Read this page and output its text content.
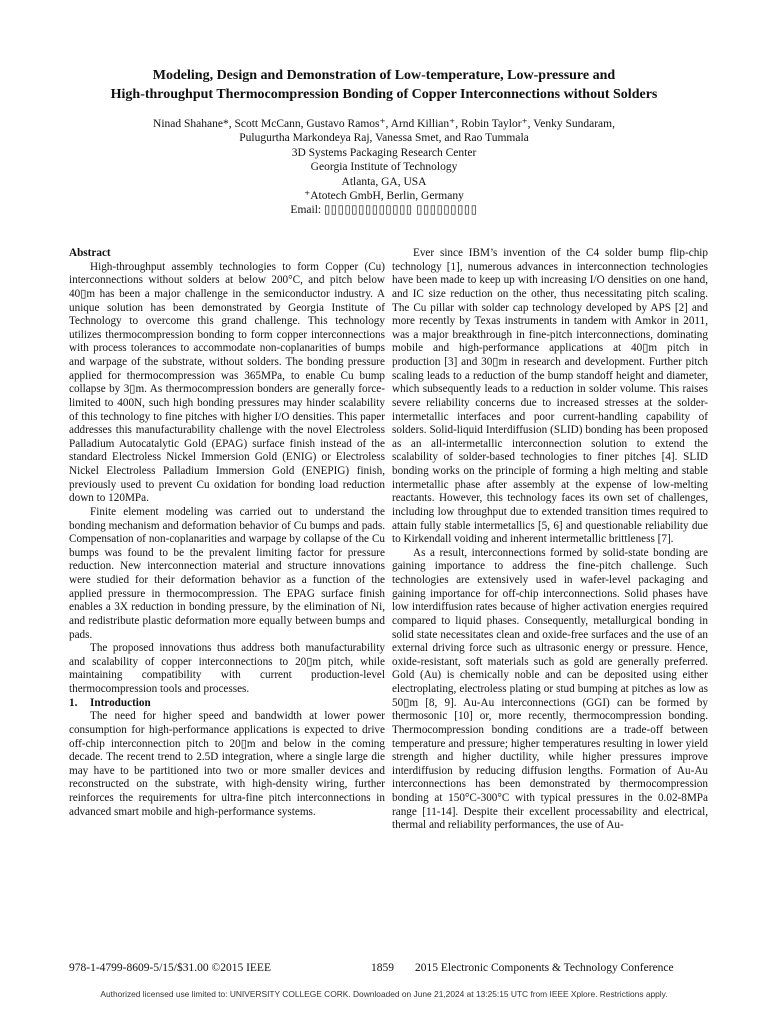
Modeling, Design and Demonstration of Low-temperature, Low-pressure and
High-throughput Thermocompression Bonding of Copper Interconnections without Solders
Ninad Shahane*, Scott McCann, Gustavo Ramos⁺, Arnd Killian⁺, Robin Taylor⁺, Venky Sundaram,
Pulugurtha Markondeya Raj, Vanessa Smet, and Rao Tummala
3D Systems Packaging Research Center
Georgia Institute of Technology
Atlanta, GA, USA
⁺Atotech GmbH, Berlin, Germany
Email: ▯▯▯▯▯▯▯▯▯▯▯▯▯ ▯▯▯▯▯▯▯▯▯

Abstract

High-throughput assembly technologies to form Copper (Cu) interconnections without solders at below 200°C, and pitch below 40▯m has been a major challenge in the semiconductor industry. A unique solution has been demonstrated by Georgia Institute of Technology to overcome this grand challenge. This technology utilizes thermocompression bonding to form copper interconnections with process tolerances to accommodate non-coplanarities of bumps and warpage of the substrate, without solders. The bonding pressure applied for thermocompression was 365MPa, to enable Cu bump collapse by 3▯m. As thermocompression bonders are generally force-limited to 400N, such high bonding pressures may hinder scalability of this technology to fine pitches with higher I/O densities. This paper addresses this manufacturability challenge with the novel Electroless Palladium Autocatalytic Gold (EPAG) surface finish instead of the standard Electroless Nickel Immersion Gold (ENIG) or Electroless Nickel Electroless Palladium Immersion Gold (ENEPIG) finish, previously used to prevent Cu oxidation for bonding load reduction down to 120MPa.

Finite element modeling was carried out to understand the bonding mechanism and deformation behavior of Cu bumps and pads. Compensation of non-coplanarities and warpage by collapse of the Cu bumps was found to be the prevalent limiting factor for pressure reduction. New interconnection material and structure innovations were studied for their deformation behavior as a function of the applied pressure in thermocompression. The EPAG surface finish enables a 3X reduction in bonding pressure, by the elimination of Ni, and redistribute plastic deformation more equally between bumps and pads.

The proposed innovations thus address both manufacturability and scalability of copper interconnections to 20▯m pitch, while maintaining compatibility with current production-level thermocompression tools and processes.

1. Introduction

The need for higher speed and bandwidth at lower power consumption for high-performance applications is expected to drive off-chip interconnection pitch to 20▯m and below in the coming decade. The recent trend to 2.5D integration, where a single large die may have to be partitioned into two or more smaller devices and reconstructed on the substrate, with high-density wiring, further reinforces the requirements for ultra-fine pitch interconnections in advanced smart mobile and high-performance systems.

Ever since IBM’s invention of the C4 solder bump flip-chip technology [1], numerous advances in interconnection technologies have been made to keep up with increasing I/O densities on one hand, and IC size reduction on the other, thus necessitating pitch scaling. The Cu pillar with solder cap technology developed by APS [2] and more recently by Texas instruments in tandem with Amkor in 2011, was a major breakthrough in fine-pitch interconnections, dominating mobile and high-performance applications at 40▯m pitch in production [3] and 30▯m in research and development. Further pitch scaling leads to a reduction of the bump standoff height and diameter, which subsequently leads to a reduction in solder volume. This raises severe reliability concerns due to increased stresses at the solder-intermetallic interfaces and poor current-handling capability of solders. Solid-liquid Interdiffusion (SLID) bonding has been proposed as an all-intermetallic interconnection solution to extend the scalability of solder-based technologies to finer pitches [4]. SLID bonding works on the principle of forming a high melting and stable intermetallic phase after assembly at the expense of low-melting reactants. However, this technology faces its own set of challenges, including low throughput due to extended transition times required to attain fully stable intermetallics [5, 6] and questionable reliability due to Kirkendall voiding and inherent intermetallic brittleness [7].

As a result, interconnections formed by solid-state bonding are gaining importance to address the fine-pitch challenge. Such technologies are extensively used in wafer-level packaging and gaining importance for off-chip interconnections. Solid phases have low interdiffusion rates because of higher activation energies required compared to liquid phases. Consequently, metallurgical bonding in solid state necessitates clean and oxide-free surfaces and the use of an external driving force such as ultrasonic energy or pressure. Hence, oxide-resistant, soft materials such as gold are generally preferred. Gold (Au) is chemically noble and can be deposited using either electroplating, electroless plating or stud bumping at pitches as low as 50▯m [8, 9]. Au-Au interconnections (GGI) can be formed by thermosonic [10] or, more recently, thermocompression bonding. Thermocompression bonding conditions are a trade-off between temperature and pressure; higher temperatures resulting in lower yield strength and higher ductility, while higher pressures improve interdiffusion by reducing diffusion lengths. Formation of Au-Au interconnections has been demonstrated by thermocompression bonding at 150°C-300°C with typical pressures in the 0.02-8MPa range [11-14]. Despite their excellent processability and electrical, thermal and reliability performances, the use of Au-

978-1-4799-8609-5/15/$31.00 ©2015 IEEE	1859 2015 Electronic Components & Technology Conference
Authorized licensed use limited to: UNIVERSITY COLLEGE CORK. Downloaded on June 21,2024 at 13:25:15 UTC from IEEE Xplore. Restrictions apply.
